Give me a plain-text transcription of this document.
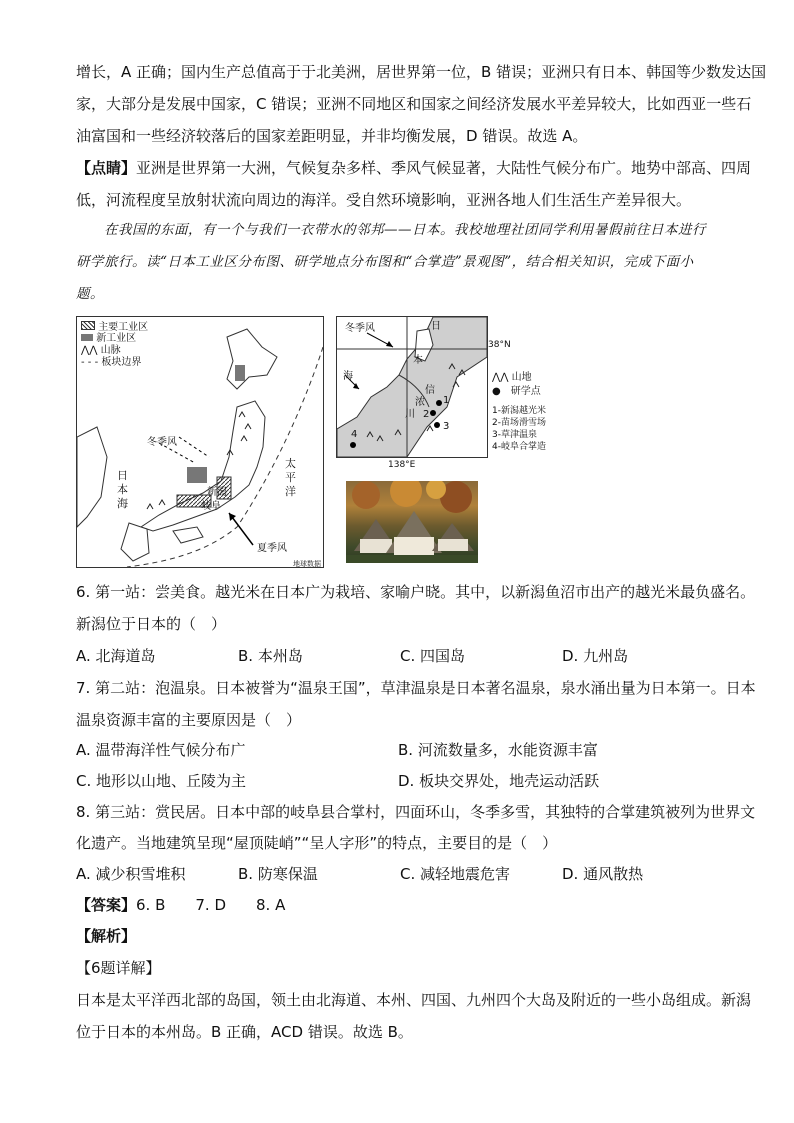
增长，A 正确；国内生产总值高于于北美洲，居世界第一位，B 错误；亚洲只有日本、韩国等少数发达国
家，大部分是发展中国家，C 错误；亚洲不同地区和国家之间经济发展水平差异较大，比如西亚一些石
油富国和一些经济较落后的国家差距明显，并非均衡发展，D 错误。故选 A。
【点睛】亚洲是世界第一大洲，气候复杂多样、季风气候显著，大陆性气候分布广。地势中部高、四周
低，河流程度呈放射状流向周边的海洋。受自然环境影响，亚洲各地人们生活生产差异很大。
在我国的东面，有一个与我们一衣带水的邻邦——日本。我校地理社团同学利用暑假前往日本进行
研学旅行。读“日本工业区分布图、研学地点分布图和“合掌造”景观图”，结合相关知识，完成下面小
题。
主要工业区
新工业区
⋀⋀ 山脉
- - - 板块边界
日本海
冬季风
太平洋
夏季风
新潟
岐阜
地球数据
冬季风	日
本
海
信
浓
川
1
2
3
4
38°N
138°E
⋀⋀ 山地
●　 研学点
1-新潟越光米
2-苗场滑雪场
3-草津温泉
4-岐阜合掌造
6. 第一站：尝美食。越光米在日本广为栽培、家喻户晓。其中，以新潟鱼沼市出产的越光米最负盛名。
新潟位于日本的（　）
A. 北海道岛	B. 本州岛	C. 四国岛	D. 九州岛
7. 第二站：泡温泉。日本被誉为“温泉王国”，草津温泉是日本著名温泉，泉水涌出量为日本第一。日本
温泉资源丰富的主要原因是（　）
A. 温带海洋性气候分布广	B. 河流数量多，水能资源丰富
C. 地形以山地、丘陵为主	D. 板块交界处，地壳运动活跃
8. 第三站：赏民居。日本中部的岐阜县合掌村，四面环山，冬季多雪，其独特的合掌建筑被列为世界文
化遗产。当地建筑呈现“屋顶陡峭”“呈人字形”的特点，主要目的是（　）
A. 减少积雪堆积	B. 防寒保温	C. 减轻地震危害	D. 通风散热
【答案】6. B　　7. D　　8. A
【解析】
【6题详解】
日本是太平洋西北部的岛国，领土由北海道、本州、四国、九州四个大岛及附近的一些小岛组成。新潟
位于日本的本州岛。B 正确，ACD 错误。故选 B。
